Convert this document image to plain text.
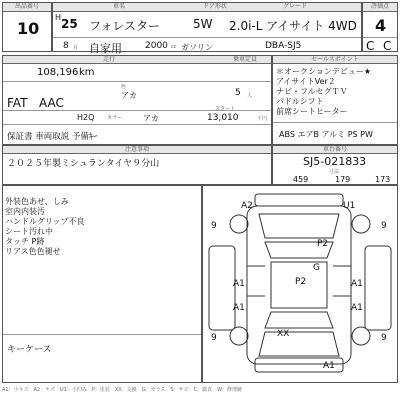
出品番号
10
車名	ドア形状	グレード
H 25 フォレスター	5W 2.0i-L アイサイト 4WD
8 月 自家用	2000 cc ガソリン	DBA-SJ5
評価点
4
C C
走行	乗車定員
108,196 km
色
アカ	5 人
FAT AAC
H2Q	カラー	アカ
スタート
13,010	千円
保証書 車両取説 予備ｷｰ
セールスポイント
＊オークションデビュー★
アイサイトVer２
ナビ・フルセグＴＶ
パドルシフト
前席シートヒーター
ABS エアB アルミ PS PW
注意事項
２０２５年製ミシュランタイヤ９分山
車台番号
SJ5-021833
寸法
459	179	173
外装色あせ、しみ
室内内装汚
ハンドルグリップ不良
シート汚れ中
タッチ P跡
リアス色色褪せ
キーケース
A2	U1
P2
G
P2
A1	A1
A1	A1
XX
A1
9	9
9	9
A1：小キズ　A2：キズ　U1：小凹み　P：塗装　XX：交換　G：ガラス　S：サビ　C：腐食　W：修理跡
